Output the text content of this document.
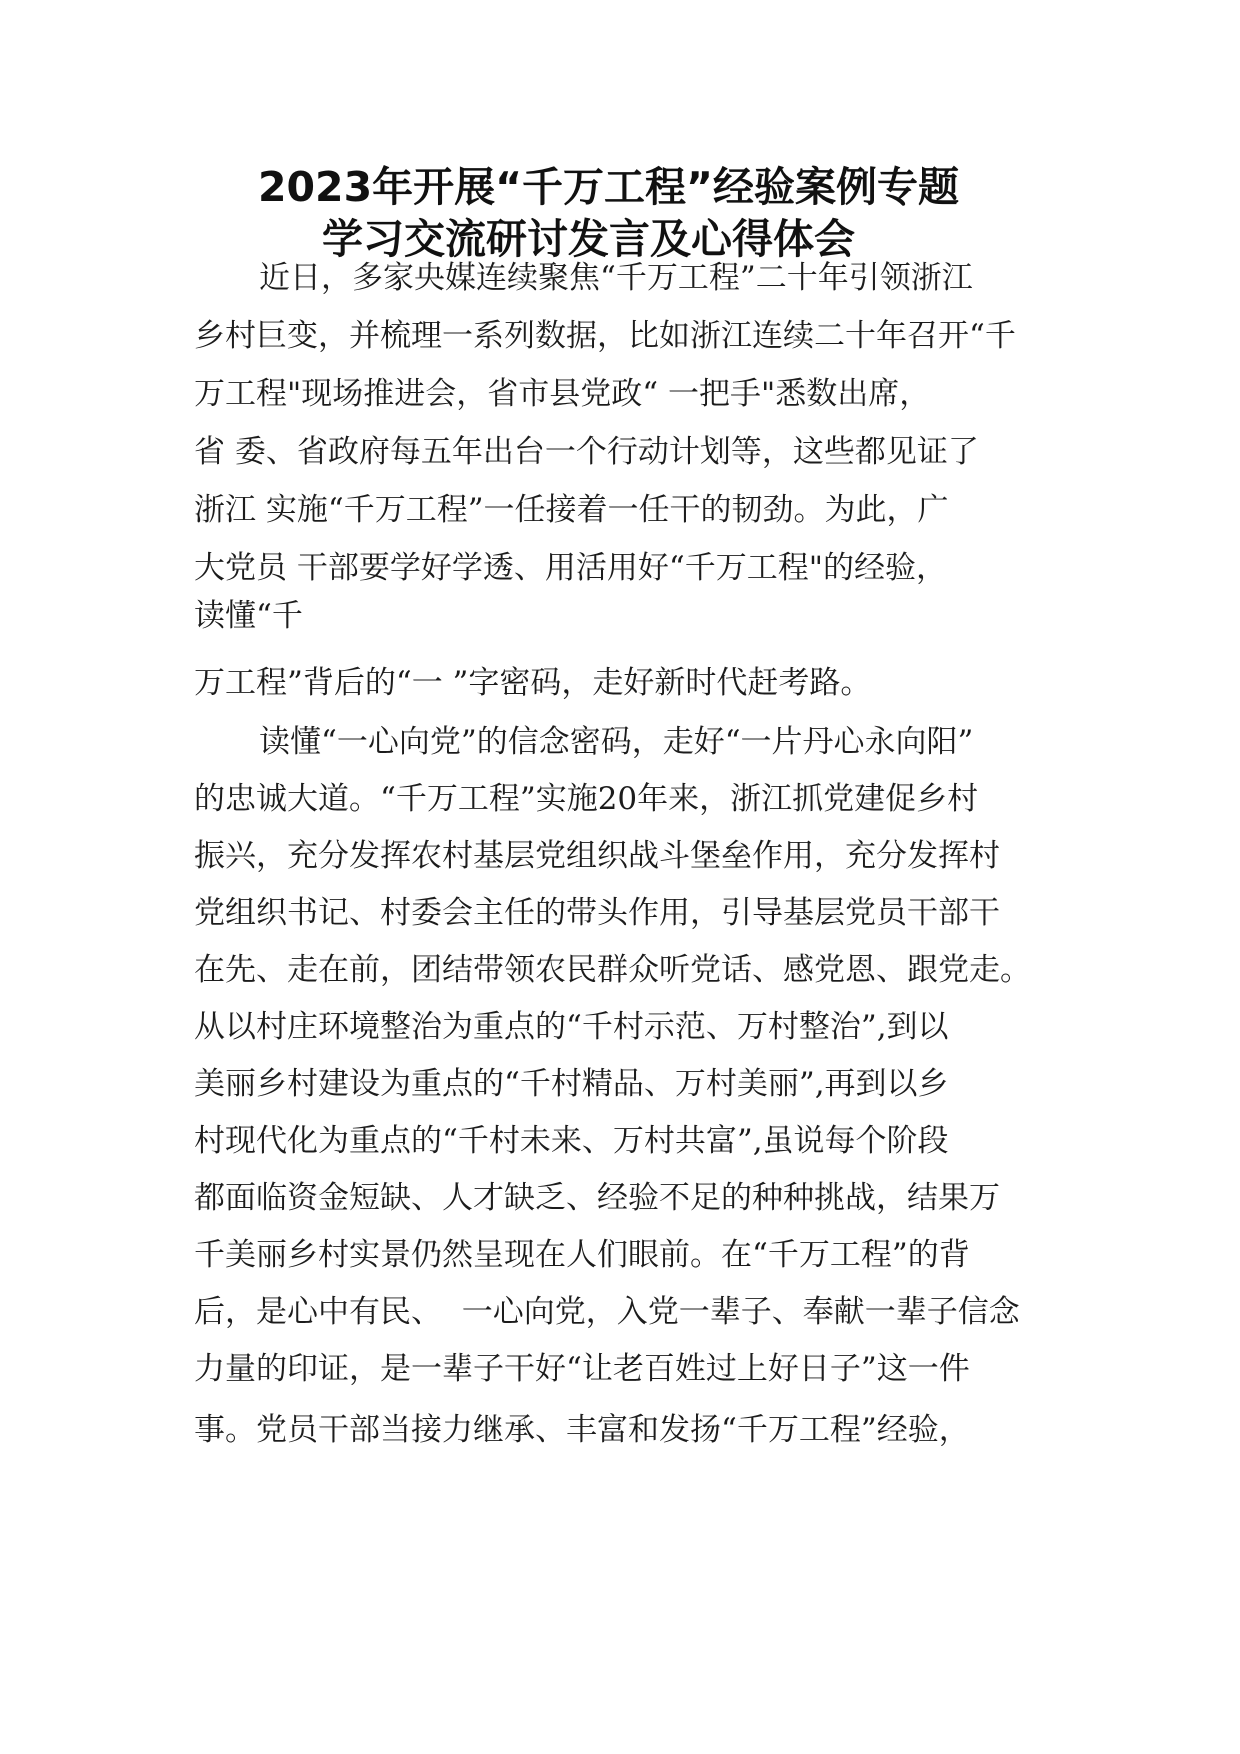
2023年开展“千万工程”经验案例专题
学习交流研讨发言及心得体会
近日，多家央媒连续聚焦“千万工程”二十年引领浙江
乡村巨变，并梳理一系列数据，比如浙江连续二十年召开“千
万工程"现场推进会，省市县党政“ 一把手"悉数出席，
省 委、省政府每五年出台一个行动计划等，这些都见证了
浙江 实施“千万工程”一任接着一任干的韧劲。为此，广
大党员 干部要学好学透、用活用好“千万工程"的经验，
读懂“千
万工程”背后的“一 ”字密码，走好新时代赶考路。
读懂“一心向党”的信念密码，走好“一片丹心永向阳”
的忠诚大道。“千万工程”实施20年来，浙江抓党建促乡村
振兴，充分发挥农村基层党组织战斗堡垒作用，充分发挥村
党组织书记、村委会主任的带头作用，引导基层党员干部干
在先、走在前，团结带领农民群众听党话、感党恩、跟党走。
从以村庄环境整治为重点的“千村示范、万村整治”,到以
美丽乡村建设为重点的“千村精品、万村美丽”,再到以乡
村现代化为重点的“千村未来、万村共富”,虽说每个阶段
都面临资金短缺、人才缺乏、经验不足的种种挑战，结果万
千美丽乡村实景仍然呈现在人们眼前。在“千万工程”的背
后，是心中有民、  一心向党，入党一辈子、奉献一辈子信念
力量的印证，是一辈子干好“让老百姓过上好日子”这一件
事。党员干部当接力继承、丰富和发扬“千万工程”经验，
